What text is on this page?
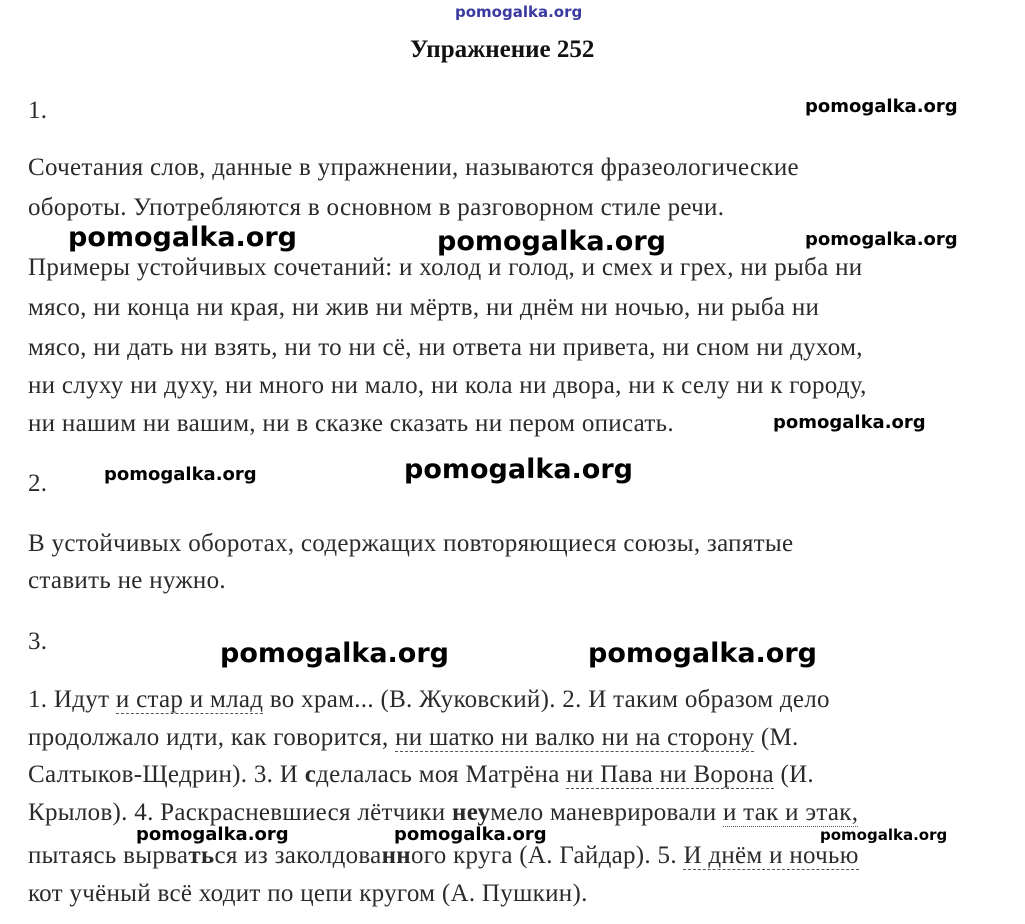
pomogalka.org
pomogalka.org
pomogalka.org	pomogalka.org	pomogalka.org
pomogalka.org
pomogalka.org	pomogalka.org
pomogalka.org	pomogalka.org
pomogalka.org	pomogalka.org	pomogalka.org
Упражнение 252
1.
Сочетания слов, данные в упражнении, называются фразеологические
обороты. Употребляются в основном в разговорном стиле речи.
Примеры устойчивых сочетаний: и холод и голод, и смех и грех, ни рыба ни
мясо, ни конца ни края, ни жив ни мёртв, ни днём ни ночью, ни рыба ни
мясо, ни дать ни взять, ни то ни сё, ни ответа ни привета, ни сном ни духом,
ни слуху ни духу, ни много ни мало, ни кола ни двора, ни к селу ни к городу,
ни нашим ни вашим, ни в сказке сказать ни пером описать.
2.
В устойчивых оборотах, содержащих повторяющиеся союзы, запятые
ставить не нужно.
3.
1. Идут и стар и млад во храм... (В. Жуковский). 2. И таким образом дело
продолжало идти, как говорится, ни шатко ни валко ни на сторону (М.
Салтыков-Щедрин). 3. И сделалась моя Матрёна ни Пава ни Ворона (И.
Крылов). 4. Раскрасневшиеся лётчики неумело маневрировали и так и этак,
пытаясь вырваться из заколдованного круга (А. Гайдар). 5. И днём и ночью
кот учёный всё ходит по цепи кругом (А. Пушкин).
